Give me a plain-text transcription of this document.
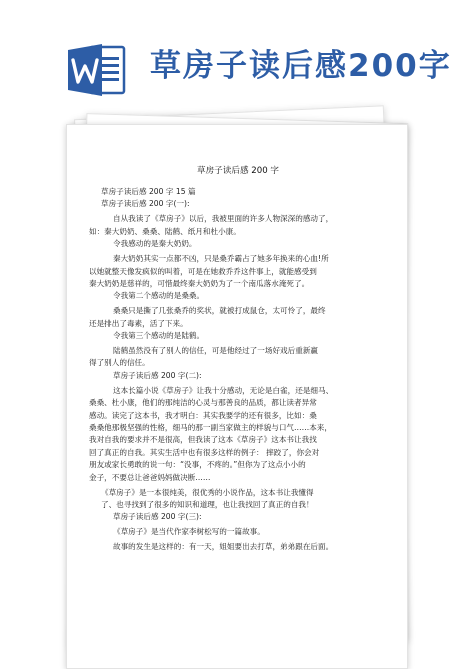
草房子读后感200字
草房子读后感 200 字

草房子读后感 200 字 15 篇

草房子读后感 200 字(一):

自从我读了《草房子》以后，我被里面的许多人物深深的感动了，

如：秦大奶奶、桑桑、陆鹤、纸月和杜小康。

令我感动的是秦大奶奶。

秦大奶奶其实一点都不凶，只是桑乔霸占了她多年换来的心血!所

以她就整天像发疯似的叫着，可是在她救乔乔这件事上，就能感受到

秦大奶奶是慈祥的，可惜最终秦大奶奶为了一个南瓜落水淹死了。

令我第二个感动的是桑桑。

桑桑只是撕了几张桑乔的奖状，就被打成鼠仓，太可怜了，最终

还是排出了毒素，活了下来。

令我第三个感动的是陆鹤。

陆鹤虽然没有了别人的信任，可是他经过了一场好戏后重新赢

得了别人的信任。

草房子读后感 200 字(二):

这本长篇小说《草房子》让我十分感动，无论是白雀，还是细马、

桑桑、杜小康，他们的那纯洁的心灵与那善良的品质，都让读者异常

感动。读完了这本书，我才明白：其实我要学的还有很多，比如：桑

桑桑他那极坚强的性格，细马的那一副当家做主的样貌与口气……本来，

我对自我的要求并不是很高，但我读了这本《草房子》这本书让我找

回了真正的自我。其实生活中也有很多这样的例子： 摔跤了，你会对

朋友或家长勇敢的说一句：“没事，不疼的。”但你为了这点小小的

金子，不要总让爸爸妈妈做决断……

《草房子》是一本很纯美，很优秀的小说作品，这本书让我懂得

了、也寻找到了很多的知识和道理，也让我找回了真正的自我！

草房子读后感 200 字(三):

《草房子》是当代作家李树松写的一篇故事。

故事的发生是这样的：有一天，姐姐要出去打草，弟弟跟在后面。
